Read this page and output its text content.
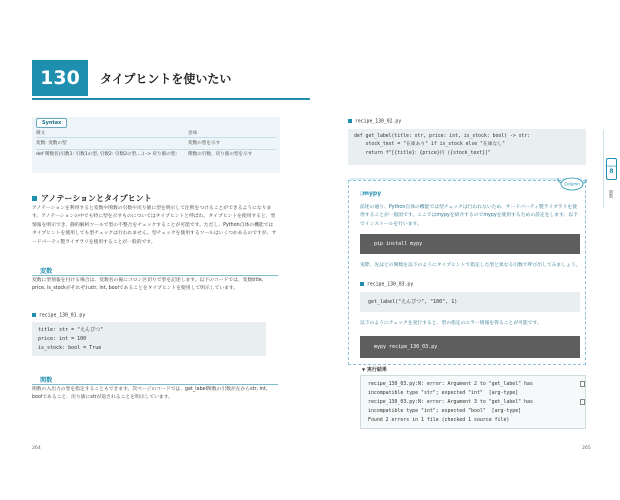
130	タイプヒントを使いたい
Syntax
構文	意味
変数: 変数の型	変数の型を示す
def 関数名(引数1: 引数1の型, 引数2: 引数2の型,…) -> 戻り値の型:	関数の引数、戻り値の型を示す
アノテーションとタイプヒント
アノテーションを利用すると変数や関数の引数や戻り値に型を明示して注釈をつけることができるようになります。アノテーションの中でも特に型を示すものについてはタイプヒントと呼ばれ、タイプヒントを使用すると、型情報を明示でき、静的解析ツールで型の不整合をチェックすることが可能です。ただし、Python自体の機能ではタイプヒントを使用しても型チェックは行われません。型チェックを使用するツールはいくつかあるのですが、サードパーティ製ライブラリを使用することが一般的です。
変数
変数に型情報を付ける場合は、変数名の後にコロン区切りで型を記述します。以下のコードでは、変数title, price, is_stockがそれぞれstr, int, boolであることをタイプヒントを使用して明示しています。
recipe_130_01.py
title: str = "えんぴつ"
price: int = 100
is_stock: bool = True
関数
関数の入出力の型を指定することもできます。次ページのコードでは、get_label関数の引数が左からstr, int, boolであること、戻り値にstrが返されることを明示しています。
264
recipe_130_02.py
def get_label(title: str, price: int, is_stock: bool) -> str:
stock_text = "在庫あり" if is_stock else "在庫なし"
return f"[{title}：{price}円 ({stock_text}]"
Column
▯mypy
前述の通り、Python自体の機能では型チェックは行われないため、サードパーティ製ライブラリを使用することが一般的です。ここではmypyを紹介するのでmypyを使用するための設定をします。以下でインストールを行います。
pip install mypy
実際、先ほどの関数を以下のようにタイプヒントで指定した型と異なる引数で呼び出してみましょう。
recipe_130_03.py
get_label("えんぴつ", "100", 1)
以下のようにチェックを実行すると、型の指定のエラー情報を得ることが可能です。
mypy recipe_130_03.py
▼ 実行結果
recipe_130_03.py:N: error: Argument 2 to "get_label" has
incompatible type "str"; expected "int"  [arg-type]
recipe_130_03.py:N: error: Argument 3 to "get_label" has
incompatible type "int"; expected "bool"  [arg-type]
Found 2 errors in 1 file (checked 1 source file)
Chapter
8
関数
265
